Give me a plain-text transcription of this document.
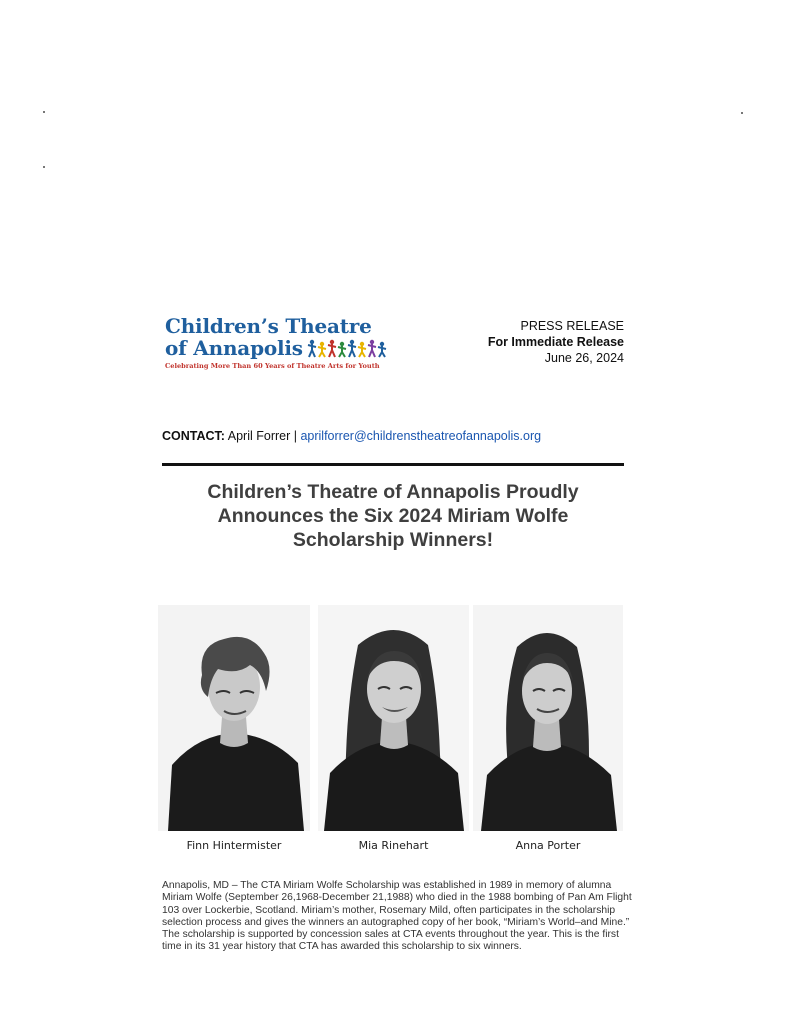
Children’s Theatre
of Annapolis
Celebrating More Than 60 Years of Theatre Arts for Youth
PRESS RELEASE
For Immediate Release
June 26, 2024
CONTACT: April Forrer | aprilforrer@childrenstheatreofannapolis.org
Children’s Theatre of Annapolis Proudly Announces the Six 2024 Miriam Wolfe Scholarship Winners!
Finn Hintermister	Mia Rinehart	Anna Porter
Annapolis, MD – The CTA Miriam Wolfe Scholarship was established in 1989 in memory of alumna Miriam Wolfe (September 26,1968-December 21,1988) who died in the 1988 bombing of Pan Am Flight 103 over Lockerbie, Scotland. Miriam’s mother, Rosemary Mild, often participates in the scholarship selection process and gives the winners an autographed copy of her book, “Miriam’s World–and Mine.” The scholarship is supported by concession sales at CTA events throughout the year. This is the first time in its 31 year history that CTA has awarded this scholarship to six winners.
